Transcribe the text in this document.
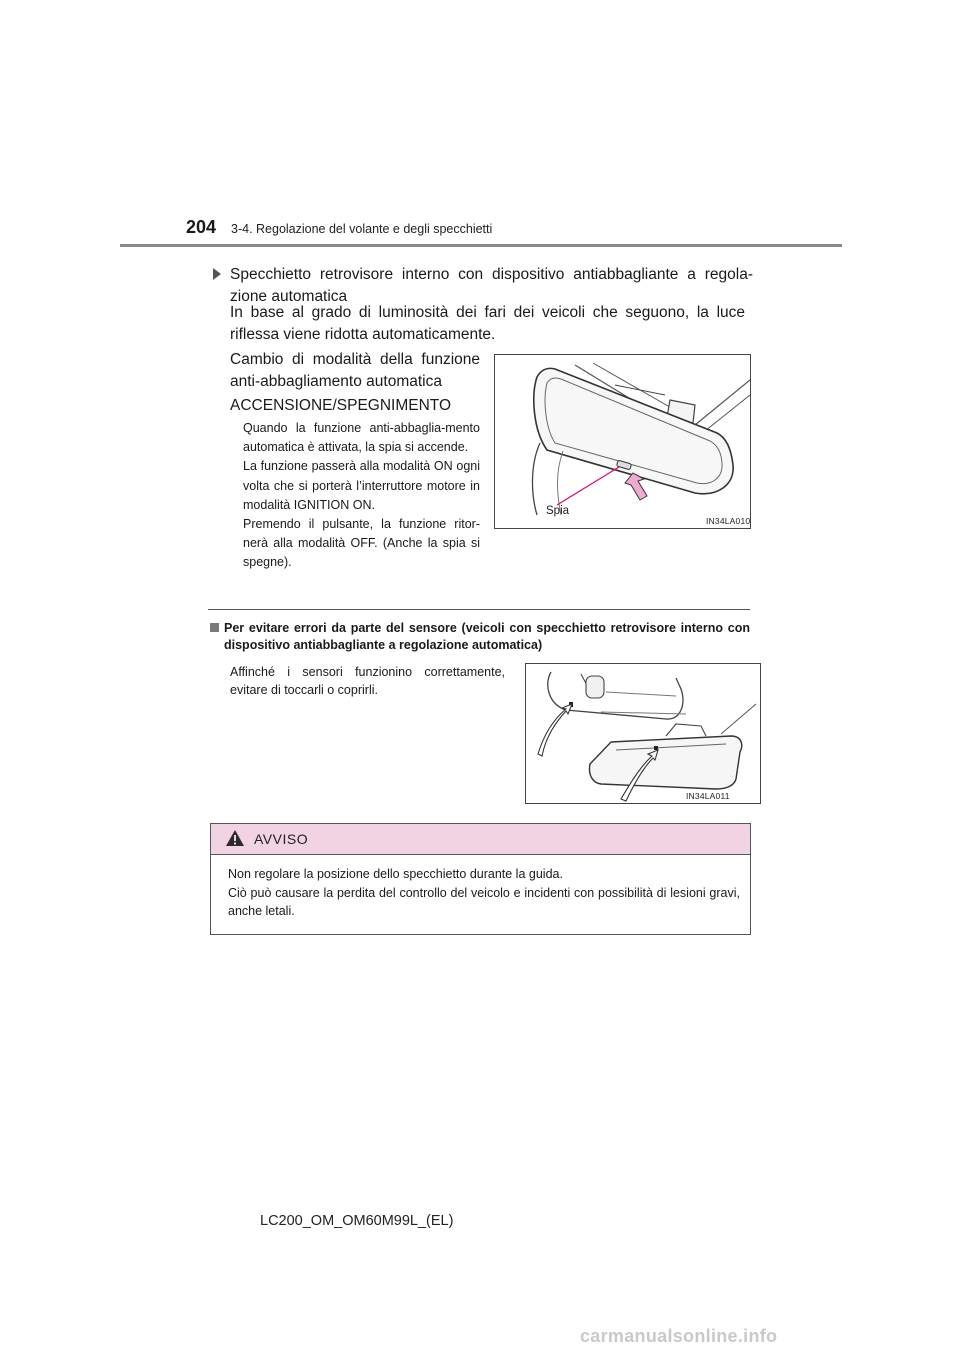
204 3-4. Regolazione del volante e degli specchietti
Specchietto retrovisore interno con dispositivo antiabbagliante a regola-zione automatica
In base al grado di luminosità dei fari dei veicoli che seguono, la luce riflessa viene ridotta automaticamente.
Cambio di modalità della funzione anti-abbagliamento automatica
ACCENSIONE/SPEGNIMENTO

Quando la funzione anti-abbaglia-mento automatica è attivata, la spia si accende.

La funzione passerà alla modalità ON ogni volta che si porterà l’interruttore motore in modalità IGNITION ON.

Premendo il pulsante, la funzione ritor-nerà alla modalità OFF. (Anche la spia si spegne).

Spia
IN34LA010
Per evitare errori da parte del sensore (veicoli con specchietto retrovisore interno con dispositivo antiabbagliante a regolazione automatica)
Affinché i sensori funzionino correttamente, evitare di toccarli o coprirli.
IN34LA011
AVVISO

Non regolare la posizione dello specchietto durante la guida.

Ciò può causare la perdita del controllo del veicolo e incidenti con possibilità di lesioni gravi, anche letali.

LC200_OM_OM60M99L_(EL)
carmanualsonline.info
